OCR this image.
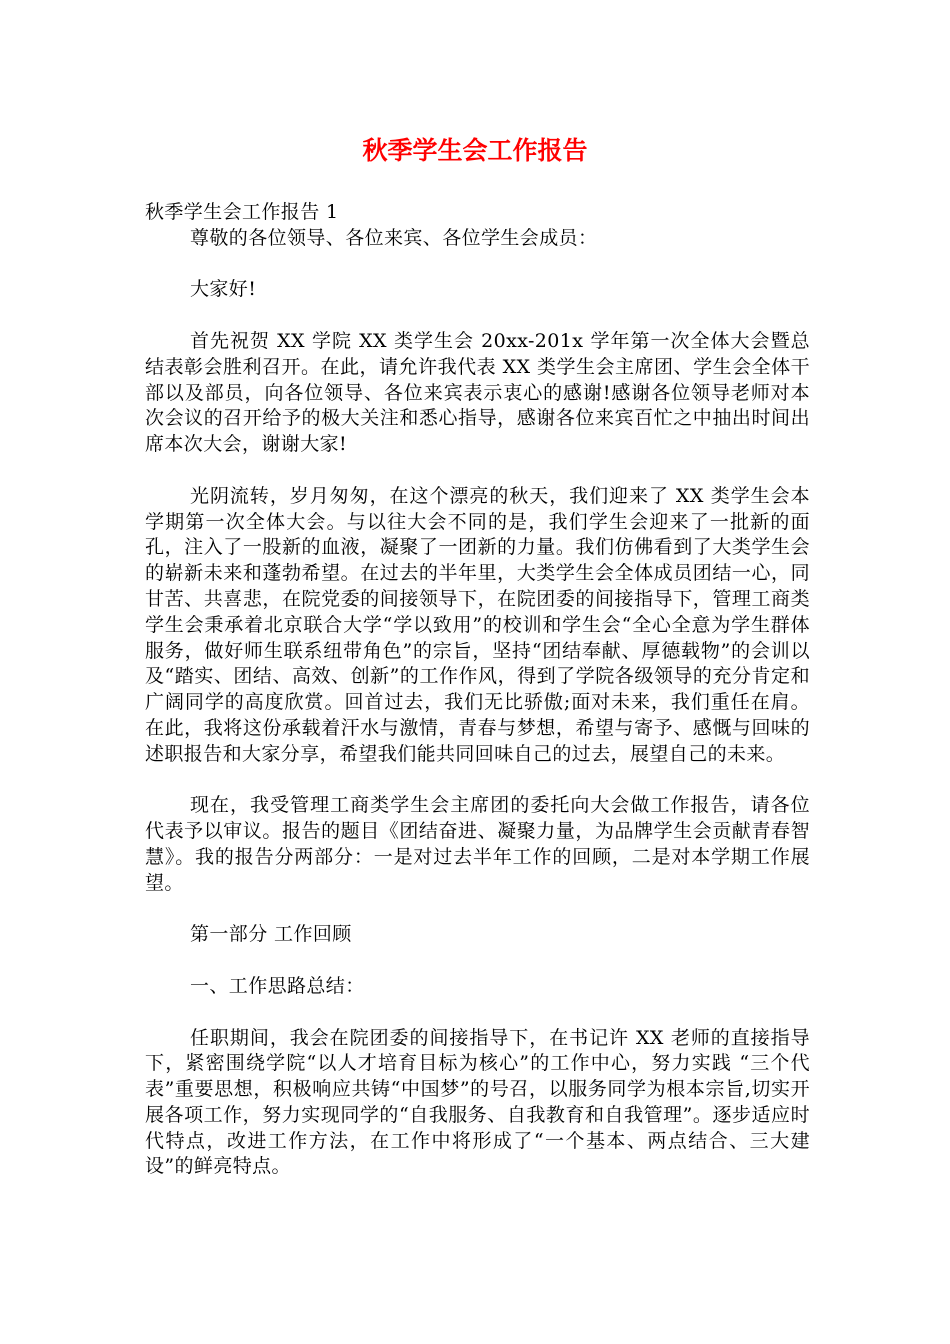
秋季学生会工作报告

秋季学生会工作报告 1

尊敬的各位领导、各位来宾、各位学生会成员：

大家好!

首先祝贺 XX 学院 XX 类学生会 20xx-201x 学年第一次全体大会暨总结表彰会胜利召开。在此，请允许我代表 XX 类学生会主席团、学生会全体干部以及部员，向各位领导、各位来宾表示衷心的感谢!感谢各位领导老师对本次会议的召开给予的极大关注和悉心指导，感谢各位来宾百忙之中抽出时间出席本次大会，谢谢大家!

光阴流转，岁月匆匆，在这个漂亮的秋天，我们迎来了 XX 类学生会本学期第一次全体大会。与以往大会不同的是，我们学生会迎来了一批新的面孔，注入了一股新的血液，凝聚了一团新的力量。我们仿佛看到了大类学生会的崭新未来和蓬勃希望。在过去的半年里，大类学生会全体成员团结一心，同甘苦、共喜悲，在院党委的间接领导下，在院团委的间接指导下，管理工商类学生会秉承着北京联合大学“学以致用”的校训和学生会“全心全意为学生群体服务，做好师生联系纽带角色”的宗旨，坚持“团结奉献、厚德载物”的会训以及“踏实、团结、高效、创新”的工作作风，得到了学院各级领导的充分肯定和广阔同学的高度欣赏。回首过去，我们无比骄傲;面对未来，我们重任在肩。在此，我将这份承载着汗水与激情，青春与梦想，希望与寄予、感慨与回味的述职报告和大家分享，希望我们能共同回味自己的过去，展望自己的未来。

现在，我受管理工商类学生会主席团的委托向大会做工作报告，请各位代表予以审议。报告的题目《团结奋进、凝聚力量，为品牌学生会贡献青春智慧》。我的报告分两部分：一是对过去半年工作的回顾，二是对本学期工作展望。

第一部分 工作回顾

一、工作思路总结：

任职期间，我会在院团委的间接指导下，在书记许 XX 老师的直接指导下，紧密围绕学院“以人才培育目标为核心”的工作中心，努力实践 “三个代表”重要思想，积极响应共铸“中国梦”的号召，以服务同学为根本宗旨,切实开展各项工作，努力实现同学的“自我服务、自我教育和自我管理”。逐步适应时代特点，改进工作方法，在工作中将形成了“一个基本、两点结合、三大建设”的鲜亮特点。
